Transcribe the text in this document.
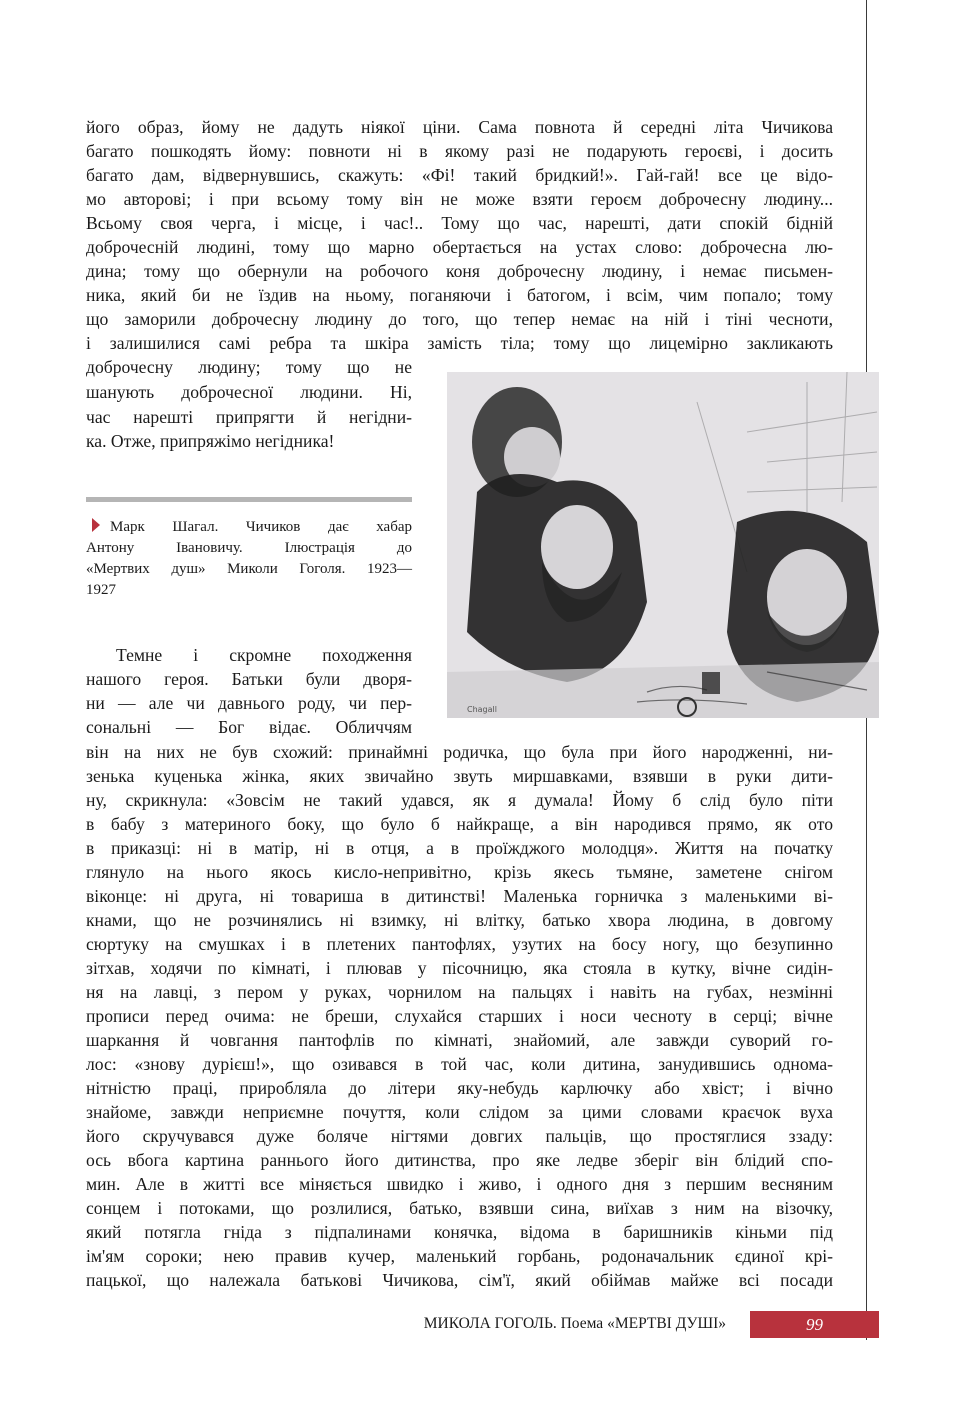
його образ, йому не дадуть ніякої ціни. Сама повнота й середні літа Чичикова
багато пошкодять йому: повноти ні в якому разі не подарують героєві, і досить
багато дам, відвернувшись, скажуть: «Фі! такий бридкий!». Гай-гай! все це відо-
мо авторові; і при всьому тому він не може взяти героєм доброчесну людину...
Всьому своя черга, і місце, і час!.. Тому що час, нарешті, дати спокій бідній
доброчесній людині, тому що марно обертається на устах слово: доброчесна лю-
дина; тому що обернули на робочого коня доброчесну людину, і немає письмен-
ника, який би не їздив на ньому, поганяючи і батогом, і всім, чим попало; тому
що заморили доброчесну людину до того, що тепер немає на ній і тіні чесноти,
і залишилися самі ребра та шкіра замість тіла; тому що лицемірно закликають
доброчесну людину; тому що не
шанують доброчесної людини. Ні,
час нарешті припрягти й негідни-
ка. Отже, припряжімо негідника!
Марк Шагал. Чичиков дає хабар
Антону Івановичу. Ілюстрація до
«Мертвих душ» Миколи Гоголя. 1923—
1927
Темне і скромне походження
нашого героя. Батьки були дворя-
ни — але чи давнього роду, чи пер-
сональні — Бог відає. Обличчям
Chagall
він на них не був схожий: принаймні родичка, що була при його народженні, ни-
зенька куценька жінка, яких звичайно звуть миршавками, взявши в руки дити-
ну, скрикнула: «Зовсім не такий удався, як я думала! Йому б слід було піти
в бабу з материного боку, що було б найкраще, а він народився прямо, як ото
в приказці: ні в матір, ні в отця, а в проїжджого молодця». Життя на початку
глянуло на нього якось кисло-непривітно, крізь якесь тьмяне, заметене снігом
віконце: ні друга, ні товариша в дитинстві! Маленька горничка з маленькими ві-
кнами, що не розчинялись ні взимку, ні влітку, батько хвора людина, в довгому
сюртуку на смушках і в плетених пантофлях, узутих на босу ногу, що безупинно
зітхав, ходячи по кімнаті, і плював у пісочницю, яка стояла в кутку, вічне сидін-
ня на лавці, з пером у руках, чорнилом на пальцях і навіть на губах, незмінні
прописи перед очима: не бреши, слухайся старших і носи чесноту в серці; вічне
шаркання й човгання пантофлів по кімнаті, знайомий, але завжди суворий го-
лос: «знову дурієш!», що озивався в той час, коли дитина, занудившись однома-
нітністю праці, приробляла до літери яку-небудь карлючку або хвіст; і вічно
знайоме, завжди неприємне почуття, коли слідом за цими словами краєчок вуха
його скручувався дуже боляче нігтями довгих пальців, що простяглися ззаду:
ось вбога картина раннього його дитинства, про яке ледве зберіг він блідий спо-
мин. Але в житті все міняється швидко і живо, і одного дня з першим весняним
сонцем і потоками, що розлилися, батько, взявши сина, виїхав з ним на візочку,
який потягла гніда з підпалинами конячка, відома в баришників кіньми під
ім'ям сороки; нею правив кучер, маленький горбань, родоначальник єдиної крі-
пацької, що належала батькові Чичикова, сім'ї, який обіймав майже всі посади
МИКОЛА ГОГОЛЬ. Поема «МЕРТВІ ДУШІ»	99
